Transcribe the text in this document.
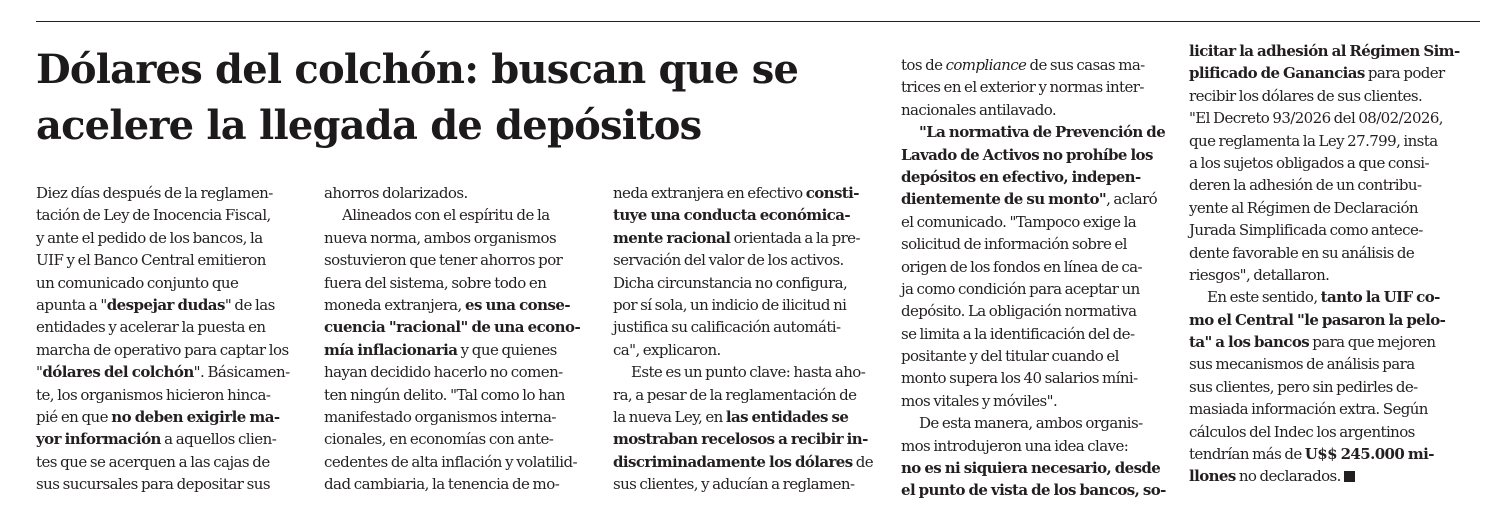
Dólares del colchón: buscan que se
acelere la llegada de depósitos
Diez días después de la reglamen-
tación de Ley de Inocencia Fiscal,
y ante el pedido de los bancos, la
UIF y el Banco Central emitieron
un comunicado conjunto que
apunta a "despejar dudas" de las
entidades y acelerar la puesta en
marcha de operativo para captar los
"dólares del colchón". Básicamen-
te, los organismos hicieron hinca-
pié en que no deben exigirle ma-
yor información a aquellos clien-
tes que se acerquen a las cajas de
sus sucursales para depositar sus
ahorros dolarizados.
Alineados con el espíritu de la
nueva norma, ambos organismos
sostuvieron que tener ahorros por
fuera del sistema, sobre todo en
moneda extranjera, es una conse-
cuencia "racional" de una econo-
mía inflacionaria y que quienes
hayan decidido hacerlo no comen-
ten ningún delito. "Tal como lo han
manifestado organismos interna-
cionales, en economías con ante-
cedentes de alta inflación y volatilid-
dad cambiaria, la tenencia de mo-
neda extranjera en efectivo consti-
tuye una conducta económica-
mente racional orientada a la pre-
servación del valor de los activos.
Dicha circunstancia no configura,
por sí sola, un indicio de ilicitud ni
justifica su calificación automáti-
ca", explicaron.
Este es un punto clave: hasta aho-
ra, a pesar de la reglamentación de
la nueva Ley, en las entidades se
mostraban recelosos a recibir in-
discriminadamente los dólares de
sus clientes, y aducían a reglamen-
tos de compliance de sus casas ma-
trices en el exterior y normas inter-
nacionales antilavado.
"La normativa de Prevención de
Lavado de Activos no prohíbe los
depósitos en efectivo, indepen-
dientemente de su monto", aclaró
el comunicado. "Tampoco exige la
solicitud de información sobre el
origen de los fondos en línea de ca-
ja como condición para aceptar un
depósito. La obligación normativa
se limita a la identificación del de-
positante y del titular cuando el
monto supera los 40 salarios míni-
mos vitales y móviles".
De esta manera, ambos organis-
mos introdujeron una idea clave:
no es ni siquiera necesario, desde
el punto de vista de los bancos, so-
licitar la adhesión al Régimen Sim-
plificado de Ganancias para poder
recibir los dólares de sus clientes.
"El Decreto 93/2026 del 08/02/2026,
que reglamenta la Ley 27.799, insta
a los sujetos obligados a que consi-
deren la adhesión de un contribu-
yente al Régimen de Declaración
Jurada Simplificada como antece-
dente favorable en su análisis de
riesgos", detallaron.
En este sentido, tanto la UIF co-
mo el Central "le pasaron la pelo-
ta" a los bancos para que mejoren
sus mecanismos de análisis para
sus clientes, pero sin pedirles de-
masiada información extra. Según
cálculos del Indec los argentinos
tendrían más de U$$ 245.000 mi-
llones no declarados.
